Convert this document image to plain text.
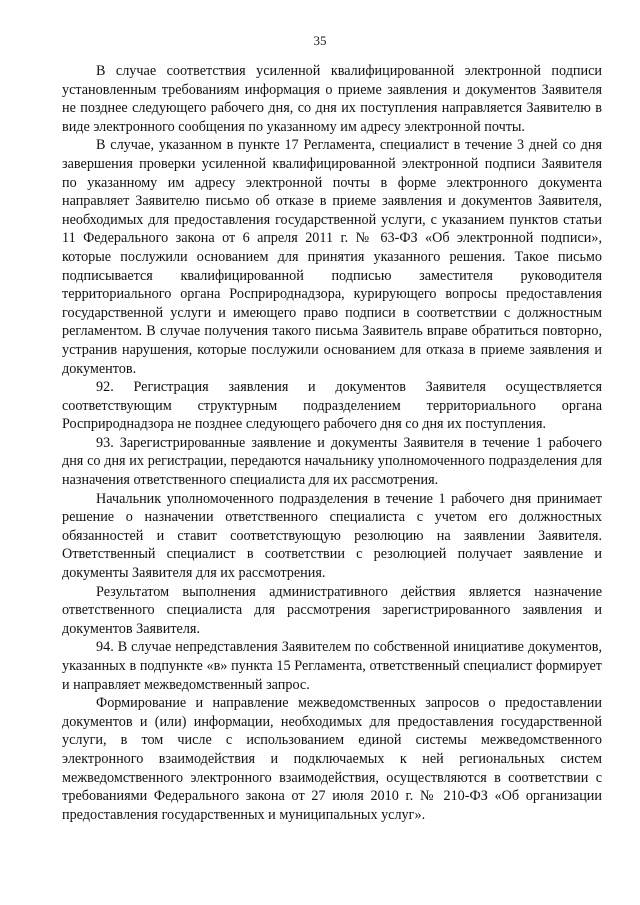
35

В случае соответствия усиленной квалифицированной электронной подписи установленным требованиям информация о приеме заявления и документов Заявителя не позднее следующего рабочего дня, со дня их поступления направляется Заявителю в виде электронного сообщения по указанному им адресу электронной почты.

В случае, указанном в пункте 17 Регламента, специалист в течение 3 дней со дня завершения проверки усиленной квалифицированной электронной подписи Заявителя по указанному им адресу электронной почты в форме электронного документа направляет Заявителю письмо об отказе в приеме заявления и документов Заявителя, необходимых для предоставления государственной услуги, с указанием пунктов статьи 11 Федерального закона от 6 апреля 2011 г. № 63-ФЗ «Об электронной подписи», которые послужили основанием для принятия указанного решения. Такое письмо подписывается квалифицированной подписью заместителя руководителя территориального органа Росприроднадзора, курирующего вопросы предоставления государственной услуги и имеющего право подписи в соответствии с должностным регламентом. В случае получения такого письма Заявитель вправе обратиться повторно, устранив нарушения, которые послужили основанием для отказа в приеме заявления и документов.

92. Регистрация заявления и документов Заявителя осуществляется соответствующим структурным подразделением территориального органа Росприроднадзора не позднее следующего рабочего дня со дня их поступления.

93. Зарегистрированные заявление и документы Заявителя в течение 1 рабочего дня со дня их регистрации, передаются начальнику уполномоченного подразделения для назначения ответственного специалиста для их рассмотрения.

Начальник уполномоченного подразделения в течение 1 рабочего дня принимает решение о назначении ответственного специалиста с учетом его должностных обязанностей и ставит соответствующую резолюцию на заявлении Заявителя. Ответственный специалист в соответствии с резолюцией получает заявление и документы Заявителя для их рассмотрения.

Результатом выполнения административного действия является назначение ответственного специалиста для рассмотрения зарегистрированного заявления и документов Заявителя.

94. В случае непредставления Заявителем по собственной инициативе документов, указанных в подпункте «в» пункта 15 Регламента, ответственный специалист формирует и направляет межведомственный запрос.

Формирование и направление межведомственных запросов о предоставлении документов и (или) информации, необходимых для предоставления государственной услуги, в том числе с использованием единой системы межведомственного электронного взаимодействия и подключаемых к ней региональных систем межведомственного электронного взаимодействия, осуществляются в соответствии с требованиями Федерального закона от 27 июля 2010 г. № 210-ФЗ «Об организации предоставления государственных и муниципальных услуг».
